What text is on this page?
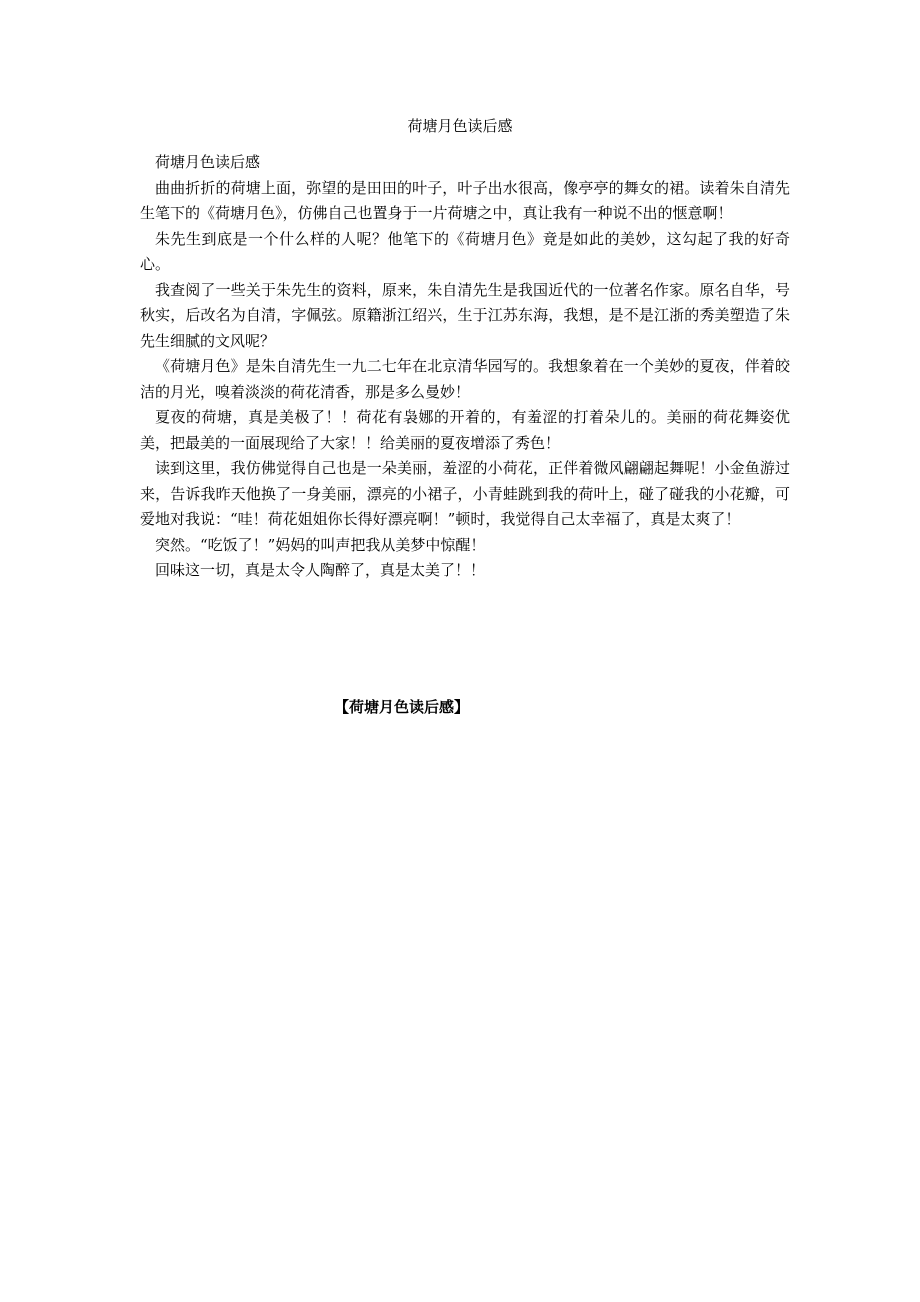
荷塘月色读后感

荷塘月色读后感

曲曲折折的荷塘上面，弥望的是田田的叶子，叶子出水很高，像亭亭的舞女的裙。读着朱自清先生笔下的《荷塘月色》，仿佛自己也置身于一片荷塘之中，真让我有一种说不出的惬意啊！

朱先生到底是一个什么样的人呢？他笔下的《荷塘月色》竟是如此的美妙，这勾起了我的好奇心。

我查阅了一些关于朱先生的资料，原来，朱自清先生是我国近代的一位著名作家。原名自华，号秋实，后改名为自清，字佩弦。原籍浙江绍兴，生于江苏东海，我想，是不是江浙的秀美塑造了朱先生细腻的文风呢？

《荷塘月色》是朱自清先生一九二七年在北京清华园写的。我想象着在一个美妙的夏夜，伴着皎洁的月光，嗅着淡淡的荷花清香，那是多么曼妙！

夏夜的荷塘，真是美极了！！荷花有袅娜的开着的，有羞涩的打着朵儿的。美丽的荷花舞姿优美，把最美的一面展现给了大家！！给美丽的夏夜增添了秀色！

读到这里，我仿佛觉得自己也是一朵美丽，羞涩的小荷花，正伴着微风翩翩起舞呢！小金鱼游过来，告诉我昨天他换了一身美丽，漂亮的小裙子，小青蛙跳到我的荷叶上，碰了碰我的小花瓣，可爱地对我说：“哇！荷花姐姐你长得好漂亮啊！”顿时，我觉得自己太幸福了，真是太爽了！

突然。“吃饭了！”妈妈的叫声把我从美梦中惊醒！

回味这一切，真是太令人陶醉了，真是太美了！！

【荷塘月色读后感】
